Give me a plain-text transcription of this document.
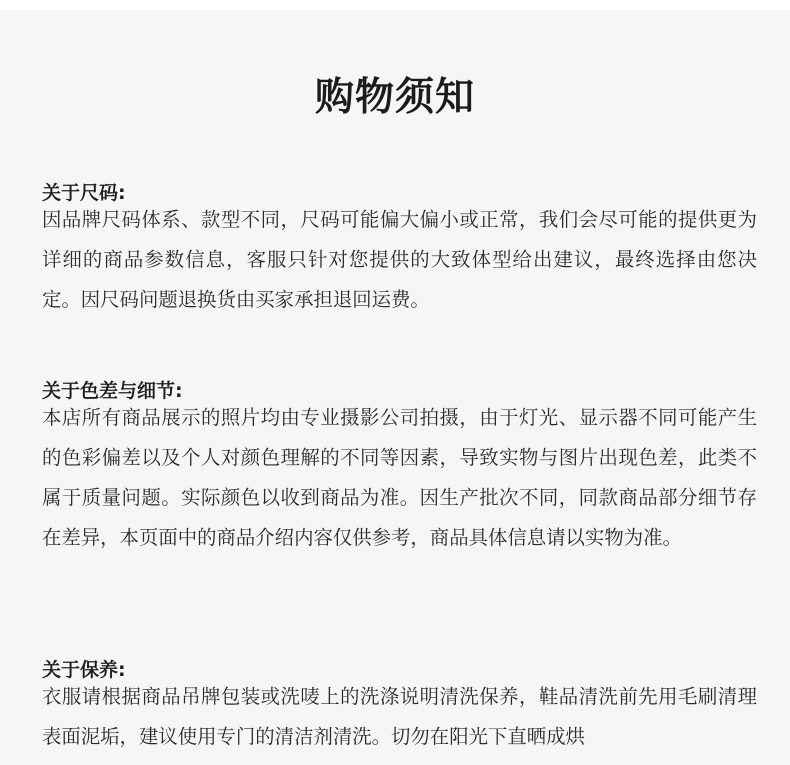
购物须知

关于尺码:

因品牌尺码体系、款型不同，尺码可能偏大偏小或正常，我们会尽可能的提供更为详细的商品参数信息，客服只针对您提供的大致体型给出建议，最终选择由您决定。因尺码问题退换货由买家承担退回运费。

关于色差与细节:

本店所有商品展示的照片均由专业摄影公司拍摄，由于灯光、显示器不同可能产生的色彩偏差以及个人对颜色理解的不同等因素，导致实物与图片出现色差，此类不属于质量问题。实际颜色以收到商品为准。因生产批次不同，同款商品部分细节存在差异，本页面中的商品介绍内容仅供参考，商品具体信息请以实物为准。

关于保养:

衣服请根据商品吊牌包装或洗唛上的洗涤说明清洗保养，鞋品清洗前先用毛刷清理表面泥垢，建议使用专门的清洁剂清洗。切勿在阳光下直晒成烘
